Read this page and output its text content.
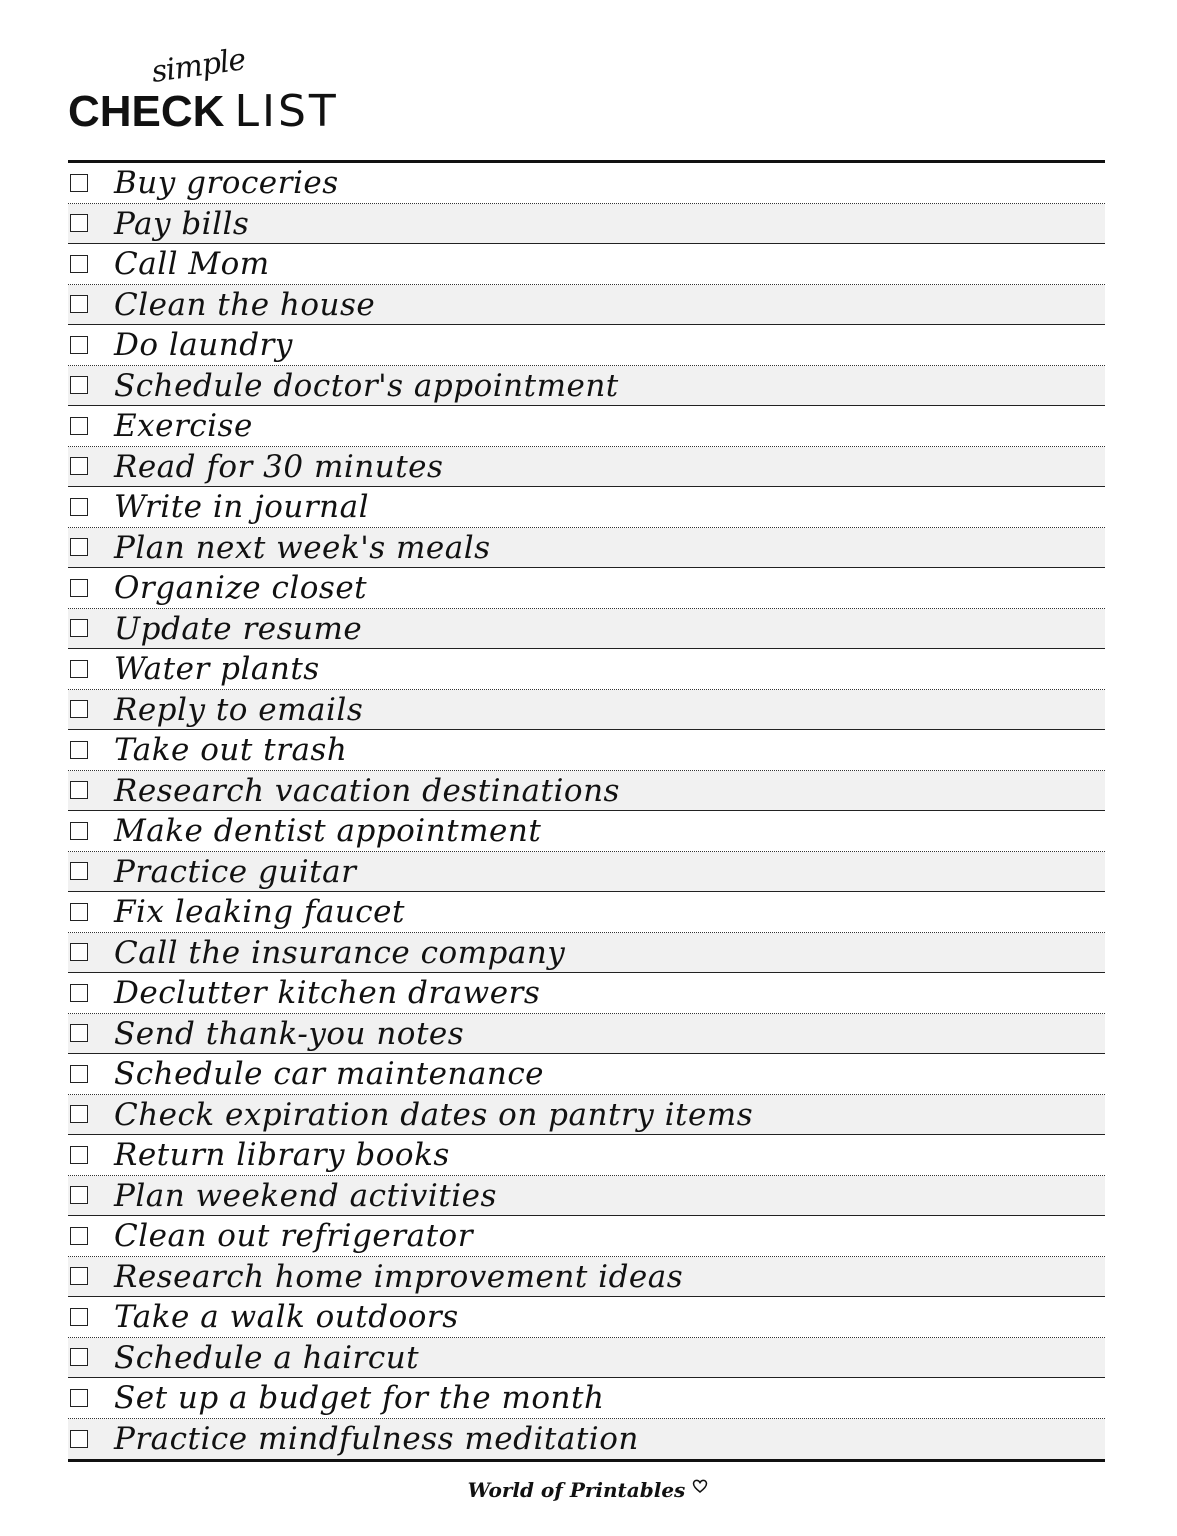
simple
CHECK LIST
Buy groceries
Pay bills
Call Mom
Clean the house
Do laundry
Schedule doctor's appointment
Exercise
Read for 30 minutes
Write in journal
Plan next week's meals
Organize closet
Update resume
Water plants
Reply to emails
Take out trash
Research vacation destinations
Make dentist appointment
Practice guitar
Fix leaking faucet
Call the insurance company
Declutter kitchen drawers
Send thank-you notes
Schedule car maintenance
Check expiration dates on pantry items
Return library books
Plan weekend activities
Clean out refrigerator
Research home improvement ideas
Take a walk outdoors
Schedule a haircut
Set up a budget for the month
Practice mindfulness meditation
World of Printables
